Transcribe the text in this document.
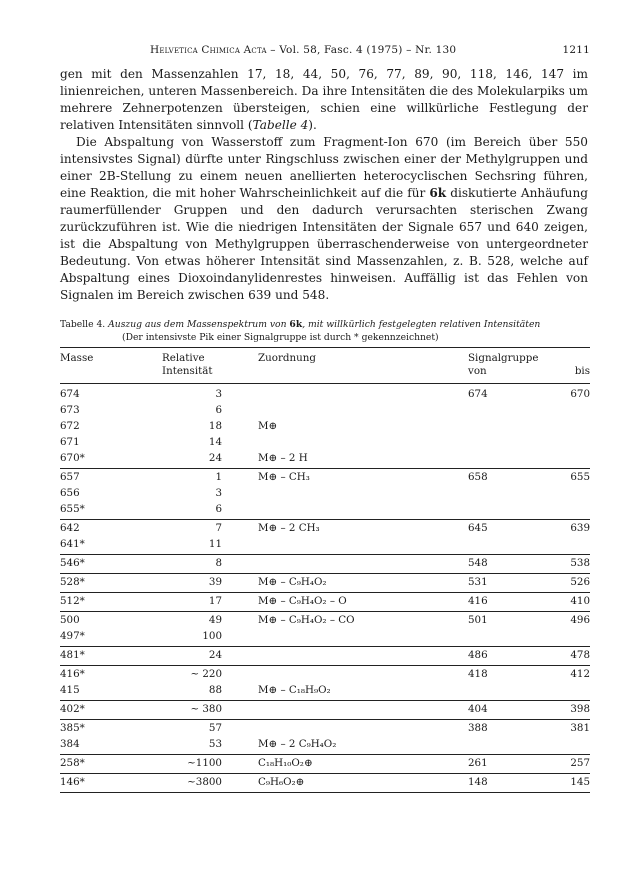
Helvetica Chimica Acta – Vol. 58, Fasc. 4 (1975) – Nr. 130	1211

gen mit den Massenzahlen 17, 18, 44, 50, 76, 77, 89, 90, 118, 146, 147 im linienreichen, unteren Massenbereich. Da ihre Intensitäten die des Molekularpiks um mehrere Zehnerpotenzen übersteigen, schien eine willkürliche Festlegung der relativen Intensitäten sinnvoll (Tabelle 4).

Die Abspaltung von Wasserstoff zum Fragment-Ion 670 (im Bereich über 550 intensivstes Signal) dürfte unter Ringschluss zwischen einer der Methylgruppen und einer 2B-Stellung zu einem neuen anellierten heterocyclischen Sechsring führen, eine Reaktion, die mit hoher Wahrscheinlichkeit auf die für 6k diskutierte Anhäufung raumerfüllender Gruppen und den dadurch verursachten sterischen Zwang zurückzuführen ist. Wie die niedrigen Intensitäten der Signale 657 und 640 zeigen, ist die Abspaltung von Methylgruppen überraschenderweise von untergeordneter Bedeutung. Von etwas höherer Intensität sind Massenzahlen, z. B. 528, welche auf Abspaltung eines Dioxoindanylidenrestes hinweisen. Auffällig ist das Fehlen von Signalen im Bereich zwischen 639 und 548.

Tabelle 4. Auszug aus dem Massenspektrum von 6k, mit willkürlich festgelegten relativen Intensitäten
(Der intensivste Pik einer Signalgruppe ist durch * gekennzeichnet)
Masse	Relative
Intensität		Zuordnung	Signalgruppe

von bis	

674	3			674	670
673	6				
672	18		M⊕		
671	14				
670*	24		M⊕ – 2 H		
657	1		M⊕ – CH₃	658	655
656	3				
655*	6				
642	7		M⊕ – 2 CH₃	645	639
641*	11				
546*	8			548	538
528*	39		M⊕ – C₉H₄O₂	531	526
512*	17		M⊕ – C₉H₄O₂ – O	416	410
500	49		M⊕ – C₉H₄O₂ – CO	501	496
497*	100				
481*	24			486	478
416*	~ 220			418	412
415	88		M⊕ – C₁₈H₉O₂		
402*	~ 380			404	398
385*	57			388	381
384	53		M⊕ – 2 C₉H₄O₂		
258*	~1100		C₁₈H₁₀O₂⊕	261	257
146*	~3800		C₉H₆O₂⊕	148	145
